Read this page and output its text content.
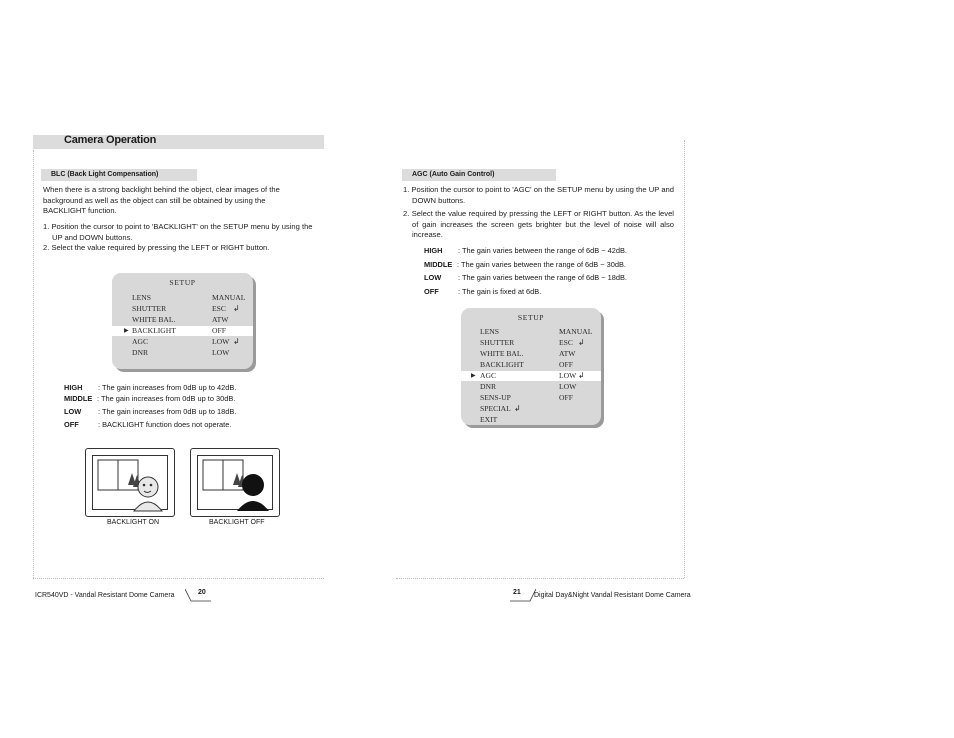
Camera Operation
BLC (Back Light Compensation)
When there is a strong backlight behind the object, clear images of the background as well as the object can still be obtained by using the BACKLIGHT function.
1. Position the cursor to point to 'BACKLIGHT' on the SETUP menu by using the UP and DOWN buttons.
2. Select the value required by pressing the LEFT or RIGHT button.
SETUP
LENS	MANUAL
SHUTTER	ESC ↲
WHITE BAL.	ATW
▶ BACKLIGHT	OFF
AGC	LOW ↲
DNR	LOW
HIGH : The gain increases from 0dB up to 42dB.
MIDDLE : The gain increases from 0dB up to 30dB.
LOW : The gain increases from 0dB up to 18dB.
OFF	: BACKLIGHT function does not operate.
BACKLIGHT ON	BACKLIGHT OFF
ICR540VD - Vandal Resistant Dome Camera	20
AGC (Auto Gain Control)
1. Position the cursor to point to 'AGC' on the SETUP menu by using the UP and DOWN buttons.
2. Select the value required by pressing the LEFT or RIGHT button. As the level of gain increases the screen gets brighter but the level of noise will also increase.
HIGH : The gain varies between the range of 6dB ~ 42dB.
MIDDLE : The gain varies between the range of 6dB ~ 30dB.
LOW : The gain varies between the range of 6dB ~ 18dB.
OFF	: The gain is fixed at 6dB.
SETUP
LENS	MANUAL
SHUTTER	ESC ↲
WHITE BAL.	ATW
BACKLIGHT	OFF
▶ AGC	LOW ↲
DNR	LOW
SENS-UP	OFF
SPECIAL ↲
EXIT
21 Digital Day&Night Vandal Resistant Dome Camera
